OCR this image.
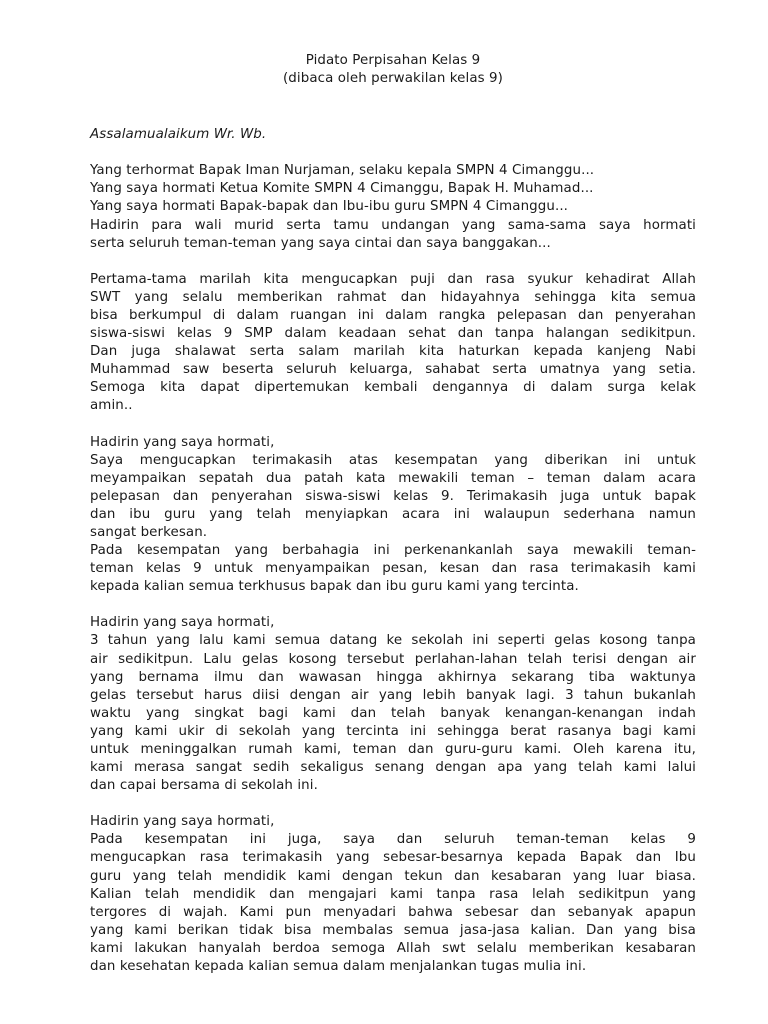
Pidato Perpisahan Kelas 9

(dibaca oleh perwakilan kelas 9)

Assalamualaikum Wr. Wb.

Yang terhormat Bapak Iman Nurjaman, selaku kepala SMPN 4 Cimanggu...
Yang saya hormati Ketua Komite SMPN 4 Cimanggu, Bapak H. Muhamad...
Yang saya hormati Bapak-bapak dan Ibu-ibu guru SMPN 4 Cimanggu...
Hadirin para wali murid serta tamu undangan yang sama-sama saya hormati
serta seluruh teman-teman yang saya cintai dan saya banggakan...
Pertama-tama marilah kita mengucapkan puji dan rasa syukur kehadirat Allah
SWT yang selalu memberikan rahmat dan hidayahnya sehingga kita semua
bisa berkumpul di dalam ruangan ini dalam rangka pelepasan dan penyerahan
siswa-siswi kelas 9 SMP dalam keadaan sehat dan tanpa halangan sedikitpun.
Dan juga shalawat serta salam marilah kita haturkan kepada kanjeng Nabi
Muhammad saw beserta seluruh keluarga, sahabat serta umatnya yang setia.
Semoga kita dapat dipertemukan kembali dengannya di dalam surga kelak
amin..
Hadirin yang saya hormati,
Saya mengucapkan terimakasih atas kesempatan yang diberikan ini untuk
meyampaikan sepatah dua patah kata mewakili teman – teman dalam acara
pelepasan dan penyerahan siswa-siswi kelas 9. Terimakasih juga untuk bapak
dan ibu guru yang telah menyiapkan acara ini walaupun sederhana namun
sangat berkesan.
Pada kesempatan yang berbahagia ini perkenankanlah saya mewakili teman-
teman kelas 9 untuk menyampaikan pesan, kesan dan rasa terimakasih kami
kepada kalian semua terkhusus bapak dan ibu guru kami yang tercinta.
Hadirin yang saya hormati,
3 tahun yang lalu kami semua datang ke sekolah ini seperti gelas kosong tanpa
air sedikitpun. Lalu gelas kosong tersebut perlahan-lahan telah terisi dengan air
yang bernama ilmu dan wawasan hingga akhirnya sekarang tiba waktunya
gelas tersebut harus diisi dengan air yang lebih banyak lagi. 3 tahun bukanlah
waktu yang singkat bagi kami dan telah banyak kenangan-kenangan indah
yang kami ukir di sekolah yang tercinta ini sehingga berat rasanya bagi kami
untuk meninggalkan rumah kami, teman dan guru-guru kami. Oleh karena itu,
kami merasa sangat sedih sekaligus senang dengan apa yang telah kami lalui
dan capai bersama di sekolah ini.
Hadirin yang saya hormati,
Pada kesempatan ini juga, saya dan seluruh teman-teman kelas 9
mengucapkan rasa terimakasih yang sebesar-besarnya kepada Bapak dan Ibu
guru yang telah mendidik kami dengan tekun dan kesabaran yang luar biasa.
Kalian telah mendidik dan mengajari kami tanpa rasa lelah sedikitpun yang
tergores di wajah. Kami pun menyadari bahwa sebesar dan sebanyak apapun
yang kami berikan tidak bisa membalas semua jasa-jasa kalian. Dan yang bisa
kami lakukan hanyalah berdoa semoga Allah swt selalu memberikan kesabaran
dan kesehatan kepada kalian semua dalam menjalankan tugas mulia ini.
